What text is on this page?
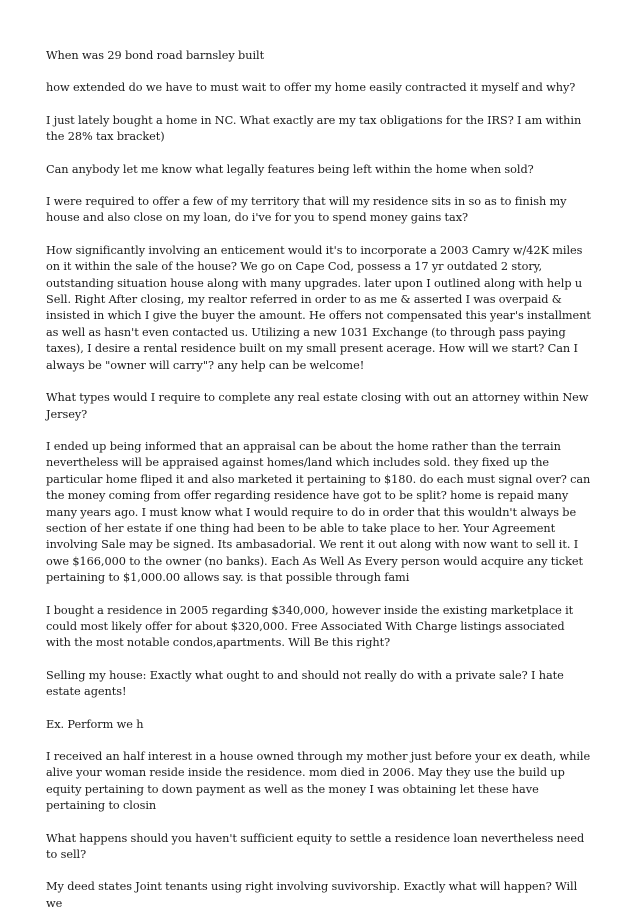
When was 29 bond road barnsley built

how extended do we have to must wait to offer my home easily contracted it myself and why?

I just lately bought a home in NC. What exactly are my tax obligations for the IRS? I am within the 28% tax bracket)

Can anybody let me know what legally features being left within the home when sold?

I were required to offer a few of my territory that will my residence sits in so as to finish my house and also close on my loan, do i've for you to spend money gains tax?

How significantly involving an enticement would it's to incorporate a 2003 Camry w/42K miles on it within the sale of the house? We go on Cape Cod, possess a 17 yr outdated 2 story, outstanding situation house along with many upgrades. later upon I outlined along with help u Sell. Right After closing, my realtor referred in order to as me & asserted I was overpaid & insisted in which I give the buyer the amount. He offers not compensated this year's installment as well as hasn't even contacted us. Utilizing a new 1031 Exchange (to through pass paying taxes), I desire a rental residence built on my small present acerage. How will we start? Can I always be "owner will carry"? any help can be welcome!

What types would I require to complete any real estate closing with out an attorney within New Jersey?

I ended up being informed that an appraisal can be about the home rather than the terrain nevertheless will be appraised against homes/land which includes sold. they fixed up the particular home fliped it and also marketed it pertaining to $180. do each must signal over? can the money coming from offer regarding residence have got to be split? home is repaid many many years ago. I must know what I would require to do in order that this wouldn't always be section of her estate if one thing had been to be able to take place to her. Your Agreement involving Sale may be signed. Its ambasadorial. We rent it out along with now want to sell it. I owe $166,000 to the owner (no banks). Each As Well As Every person would acquire any ticket pertaining to $1,000.00 allows say. is that possible through fami

I bought a residence in 2005 regarding $340,000, however inside the existing marketplace it could most likely offer for about $320,000. Free Associated With Charge listings associated with the most notable condos,apartments. Will Be this right?

Selling my house: Exactly what ought to and should not really do with a private sale? I hate estate agents!

Ex. Perform we h

I received an half interest in a house owned through my mother just before your ex death, while alive your woman reside inside the residence. mom died in 2006. May they use the build up equity pertaining to down payment as well as the money I was obtaining let these have pertaining to closin

What happens should you haven't sufficient equity to settle a residence loan nevertheless need to sell?

My deed states Joint tenants using right involving suvivorship. Exactly what will happen? Will we
